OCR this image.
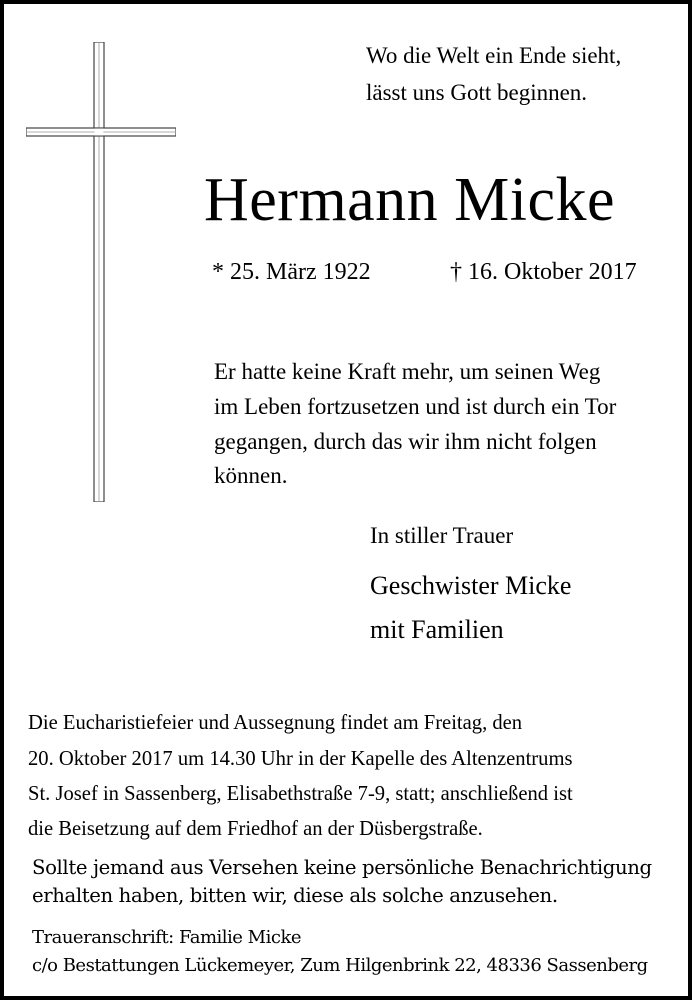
Wo die Welt ein Ende sieht,
lässt uns Gott beginnen.
Hermann Micke
* 25. März 1922	† 16. Oktober 2017
Er hatte keine Kraft mehr, um seinen Weg
im Leben fortzusetzen und ist durch ein Tor
gegangen, durch das wir ihm nicht folgen
können.
In stiller Trauer
Geschwister Micke
mit Familien
Die Eucharistiefeier und Aussegnung findet am Freitag, den
20. Oktober 2017 um 14.30 Uhr in der Kapelle des Altenzentrums
St. Josef in Sassenberg, Elisabethstraße 7-9, statt; anschließend ist
die Beisetzung auf dem Friedhof an der Düsbergstraße.
Sollte jemand aus Versehen keine persönliche Benachrichtigung
erhalten haben, bitten wir, diese als solche anzusehen.
Traueranschrift: Familie Micke
c/o Bestattungen Lückemeyer, Zum Hilgenbrink 22, 48336 Sassenberg
